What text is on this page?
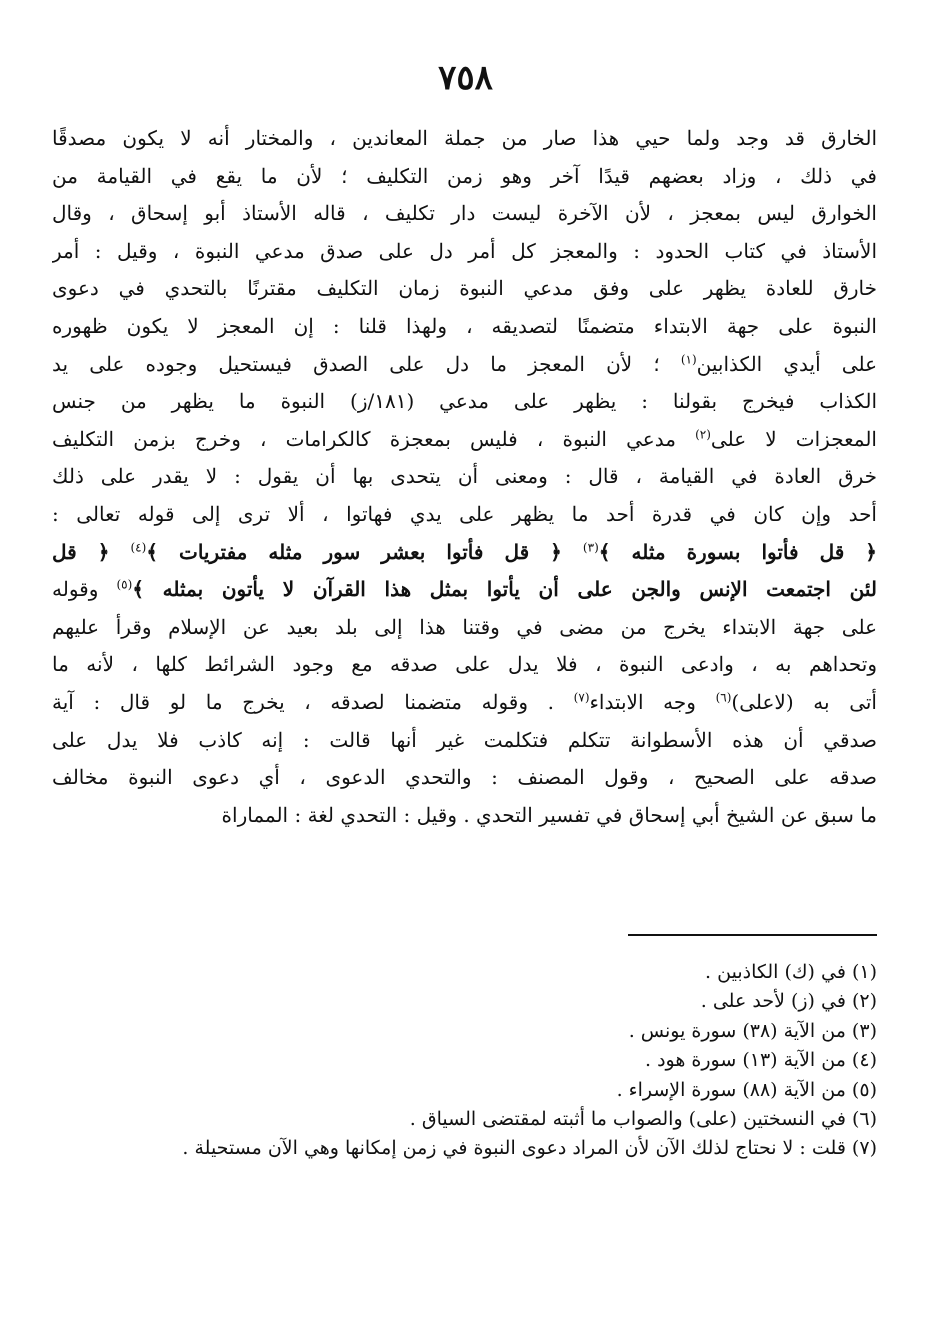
٧٥٨
الخارق قد وجد ولما حيي هذا صار من جملة المعاندين ، والمختار أنه لا يكون مصدقًا
في ذلك ، وزاد بعضهم قيدًا آخر وهو زمن التكليف ؛ لأن ما يقع في القيامة من
الخوارق ليس بمعجز ، لأن الآخرة ليست دار تكليف ، قاله الأستاذ أبو إسحاق ، وقال
الأستاذ في كتاب الحدود : والمعجز كل أمر دل على صدق مدعي النبوة ، وقيل : أمر
خارق للعادة يظهر على وفق مدعي النبوة زمان التكليف مقترنًا بالتحدي في دعوى
النبوة على جهة الابتداء متضمنًا لتصديقه ، ولهذا قلنا : إن المعجز لا يكون ظهوره
على أيدي الكذابين$^{(١)}$ ؛ لأن المعجز ما دل على الصدق فيستحيل وجوده على يد
الكذاب فيخرج بقولنا : يظهر على مدعي (١٨١/ز) النبوة ما يظهر من جنس
المعجزات لا على$^{(٢)}$ مدعي النبوة ، فليس بمعجزة كالكرامات ، وخرج بزمن التكليف
خرق العادة في القيامة ، قال : ومعنى أن يتحدى بها أن يقول : لا يقدر على ذلك
أحد وإن كان في قدرة أحد ما يظهر على يدي فهاتوا ، ألا ترى إلى قوله تعالى :
﴿ قل فأتوا بسورة مثله ﴾$^{(٣)}$ ﴿ قل فأتوا بعشر سور مثله مفتريات ﴾$^{(٤)}$ ﴿ قل
لئن اجتمعت الإنس والجن على أن يأتوا بمثل هذا القرآن لا يأتون بمثله ﴾$^{(٥)}$ وقوله
على جهة الابتداء يخرج من مضى في وقتنا هذا إلى بلد بعيد عن الإسلام وقرأ عليهم
وتحداهم به ، وادعى النبوة ، فلا يدل على صدقه مع وجود الشرائط كلها ، لأنه ما
أتى به (لاعلى)$^{(٦)}$ وجه الابتداء$^{(٧)}$ . وقوله متضمنا لصدقه ، يخرج ما لو قال : آية
صدقي أن هذه الأسطوانة تتكلم فتكلمت غير أنها قالت : إنه كاذب فلا يدل على
صدقه على الصحيح ، وقول المصنف : والتحدي الدعوى ، أي دعوى النبوة مخالف
ما سبق عن الشيخ أبي إسحاق في تفسير التحدي . وقيل : التحدي لغة : المماراة
(١) في (ك) الكاذبين .
(٢) في (ز) لأحد على .
(٣) من الآية (٣٨) سورة يونس .
(٤) من الآية (١٣) سورة هود .
(٥) من الآية (٨٨) سورة الإسراء .
(٦) في النسختين (على) والصواب ما أثبته لمقتضى السياق .
(٧) قلت : لا نحتاج لذلك الآن لأن المراد دعوى النبوة في زمن إمكانها وهي الآن مستحيلة .
